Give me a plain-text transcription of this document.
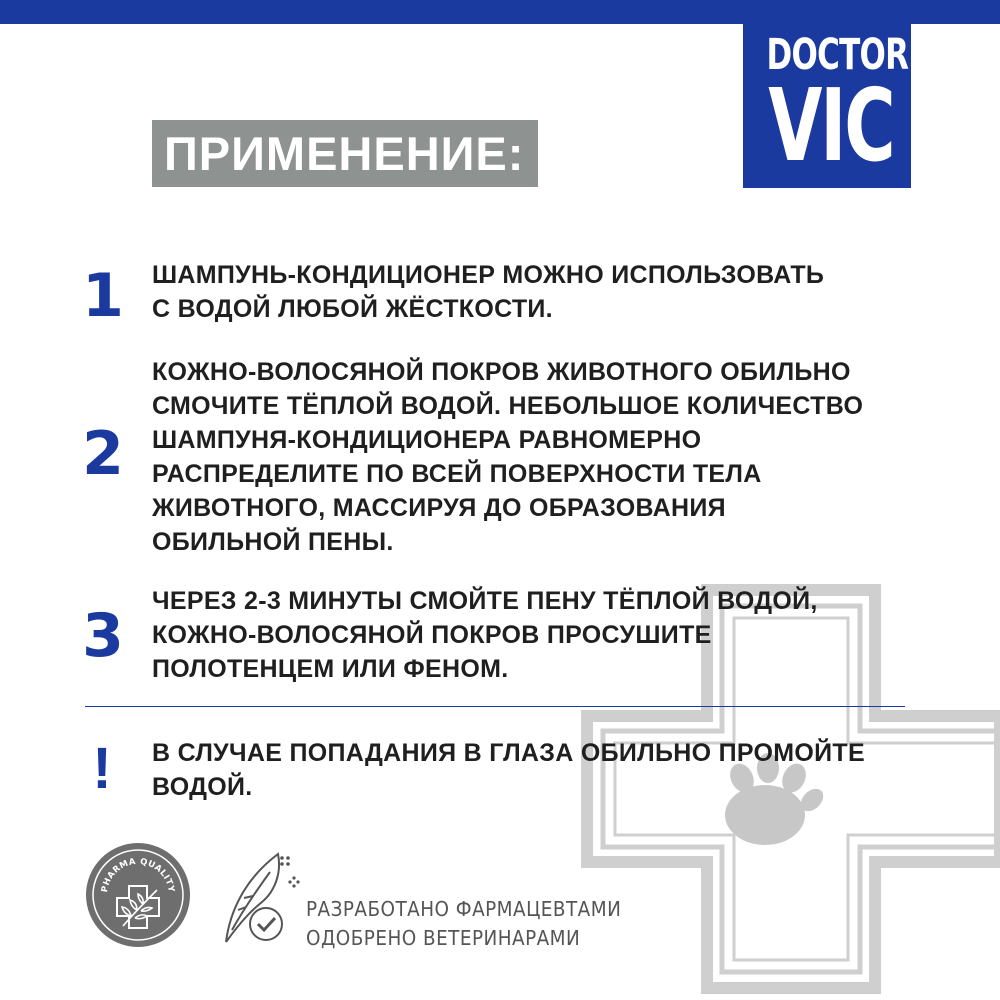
DOCTOR
VIC
ПРИМЕНЕНИЕ:
1 ШАМПУНЬ-КОНДИЦИОНЕР МОЖНО ИСПОЛЬЗОВАТЬ
С ВОДОЙ ЛЮБОЙ ЖЁСТКОСТИ.

2

КОЖНО-ВОЛОСЯНОЙ ПОКРОВ ЖИВОТНОГО ОБИЛЬНО
СМОЧИТЕ ТЁПЛОЙ ВОДОЙ. НЕБОЛЬШОЕ КОЛИЧЕСТВО
ШАМПУНЯ-КОНДИЦИОНЕРА РАВНОМЕРНО
РАСПРЕДЕЛИТЕ ПО ВСЕЙ ПОВЕРХНОСТИ ТЕЛА
ЖИВОТНОГО, МАССИРУЯ ДО ОБРАЗОВАНИЯ
ОБИЛЬНОЙ ПЕНЫ.

3 ЧЕРЕЗ 2-3 МИНУТЫ СМОЙТЕ ПЕНУ ТЁПЛОЙ ВОДОЙ,
КОЖНО-ВОЛОСЯНОЙ ПОКРОВ ПРОСУШИТЕ
ПОЛОТЕНЦЕМ ИЛИ ФЕНОМ.

!	В СЛУЧАЕ ПОПАДАНИЯ В ГЛАЗА ОБИЛЬНО ПРОМОЙТЕ
ВОДОЙ.

PHARMA QUALITY
РАЗРАБОТАНО ФАРМАЦЕВТАМИ
ОДОБРЕНО ВЕТЕРИНАРАМИ
